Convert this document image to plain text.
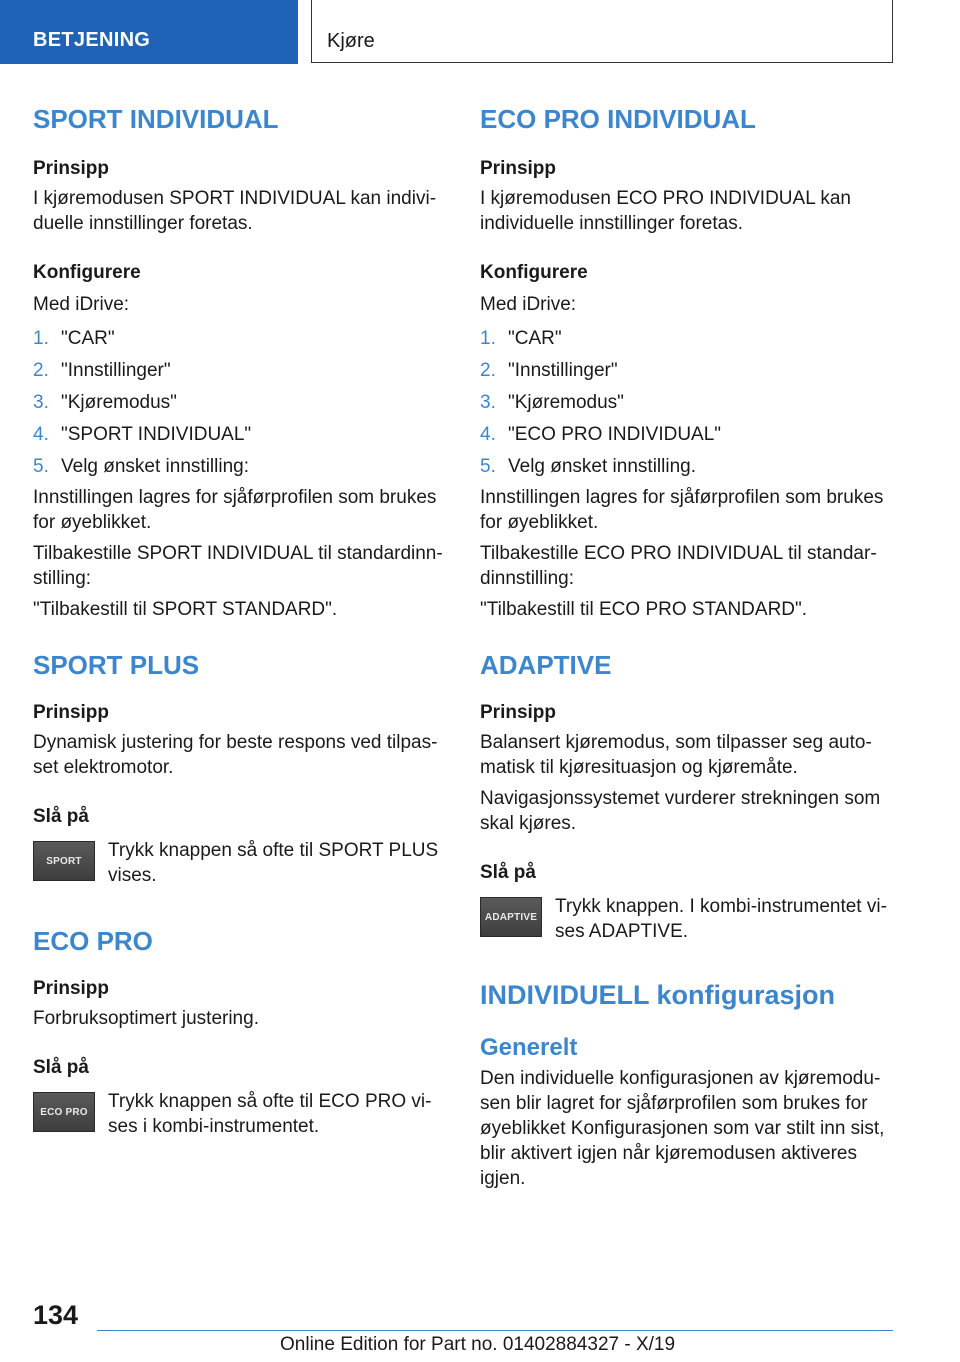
BETJENING	Kjøre
SPORT INDIVIDUAL
Prinsipp

I kjøremodusen SPORT INDIVIDUAL kan individuelle innstillinger foretas.

Konfigurere

Med iDrive:

1. "CAR"
2. "Innstillinger"
3. "Kjøremodus"
4. "SPORT INDIVIDUAL"
5. Velg ønsket innstilling:

Innstillingen lagres for sjåførprofilen som brukes for øyeblikket.

Tilbakestille SPORT INDIVIDUAL til standardinnstilling:

"Tilbakestill til SPORT STANDARD".

SPORT PLUS
Prinsipp

Dynamisk justering for beste respons ved tilpasset elektromotor.

Slå på
SPORT Trykk knappen så ofte til SPORT PLUS vises.

ECO PRO
Prinsipp

Forbruksoptimert justering.

Slå på
ECO PRO Trykk knappen så ofte til ECO PRO vises i kombi-instrumentet.

ECO PRO INDIVIDUAL
Prinsipp

I kjøremodusen ECO PRO INDIVIDUAL kan individuelle innstillinger foretas.

Konfigurere

Med iDrive:

1. "CAR"
2. "Innstillinger"
3. "Kjøremodus"
4. "ECO PRO INDIVIDUAL"
5. Velg ønsket innstilling.

Innstillingen lagres for sjåførprofilen som brukes for øyeblikket.

Tilbakestille ECO PRO INDIVIDUAL til standardinnstilling:

"Tilbakestill til ECO PRO STANDARD".

ADAPTIVE
Prinsipp

Balansert kjøremodus, som tilpasser seg automatisk til kjøresituasjon og kjøremåte.

Navigasjonssystemet vurderer strekningen som skal kjøres.

Slå på
ADAPTIVE Trykk knappen. I kombi-instrumentet vises ADAPTIVE.

INDIVIDUELL konfigurasjon
Generelt

Den individuelle konfigurasjonen av kjøremodusen blir lagret for sjåførprofilen som brukes for øyeblikket Konfigurasjonen som var stilt inn sist, blir aktivert igjen når kjøremodusen aktiveres igjen.

134
Online Edition for Part no. 01402884327 - X/19
